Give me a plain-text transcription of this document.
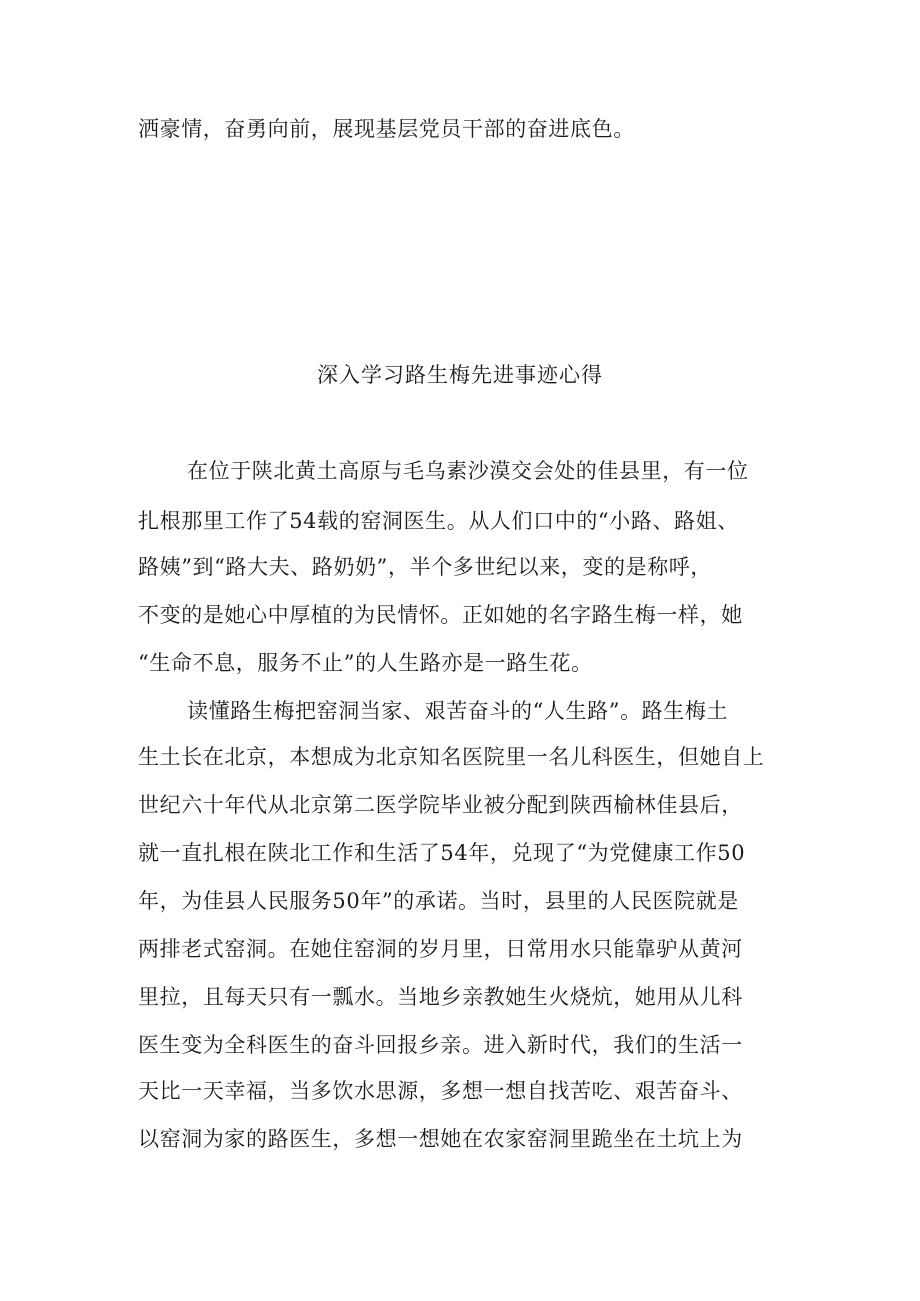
洒豪情，奋勇向前，展现基层党员干部的奋进底色。
深入学习路生梅先进事迹心得
在位于陕北黄土高原与毛乌素沙漠交会处的佳县里，有一位
扎根那里工作了54载的窑洞医生。从人们口中的“小路、路姐、
路姨”到“路大夫、路奶奶”，半个多世纪以来，变的是称呼，
不变的是她心中厚植的为民情怀。正如她的名字路生梅一样，她
“生命不息，服务不止”的人生路亦是一路生花。
读懂路生梅把窑洞当家、艰苦奋斗的“人生路”。路生梅土
生土长在北京，本想成为北京知名医院里一名儿科医生，但她自上
世纪六十年代从北京第二医学院毕业被分配到陕西榆林佳县后，
就一直扎根在陕北工作和生活了54年，兑现了“为党健康工作50
年，为佳县人民服务50年”的承诺。当时，县里的人民医院就是
两排老式窑洞。在她住窑洞的岁月里，日常用水只能靠驴从黄河
里拉，且每天只有一瓢水。当地乡亲教她生火烧炕，她用从儿科
医生变为全科医生的奋斗回报乡亲。进入新时代，我们的生活一
天比一天幸福，当多饮水思源，多想一想自找苦吃、艰苦奋斗、
以窑洞为家的路医生，多想一想她在农家窑洞里跪坐在土坑上为
